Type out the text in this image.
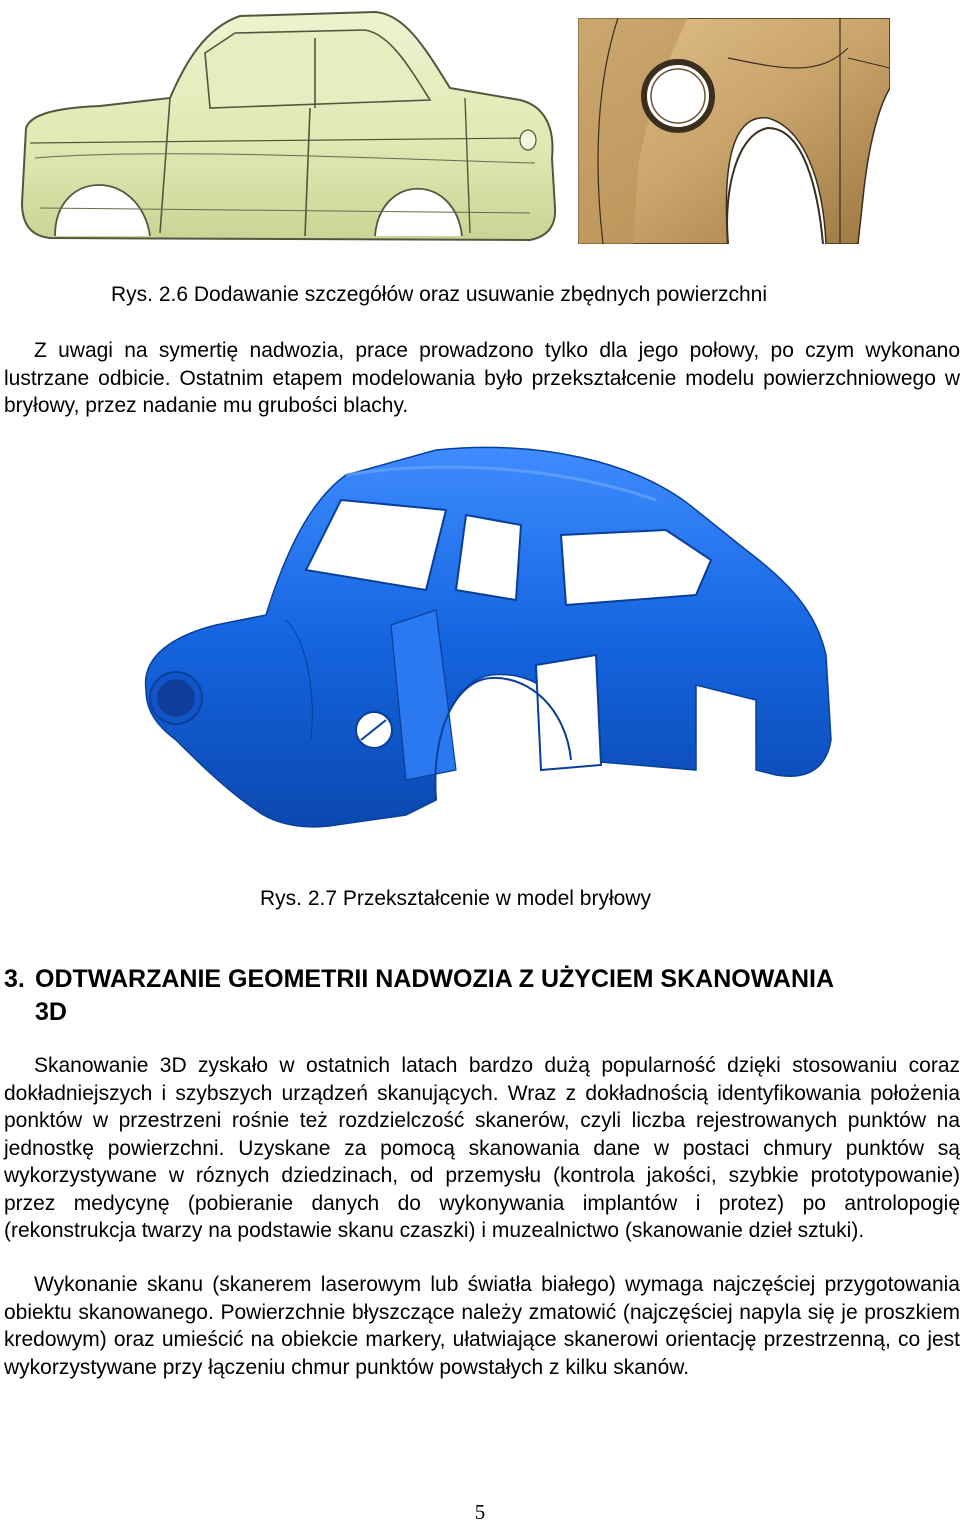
Rys. 2.6 Dodawanie szczegółów oraz usuwanie zbędnych powierzchni

Z uwagi na symertię nadwozia, prace prowadzono tylko dla jego połowy, po czym wykonano lustrzane odbicie. Ostatnim etapem modelowania było przekształcenie modelu powierzchniowego w bryłowy, przez nadanie mu grubości blachy.

Rys. 2.7 Przekształcenie w model bryłowy
3. ODTWARZANIE GEOMETRII NADWOZIA Z UŻYCIEM SKANOWANIA
3D

Skanowanie 3D zyskało w ostatnich latach bardzo dużą popularność dzięki stosowaniu coraz dokładniejszych i szybszych urządzeń skanujących. Wraz z dokładnością identyfikowania położenia ponktów w przestrzeni rośnie też rozdzielczość skanerów, czyli liczba rejestrowanych punktów na jednostkę powierzchni. Uzyskane za pomocą skanowania dane w postaci chmury punktów są wykorzystywane w róznych dziedzinach, od przemysłu (kontrola jakości, szybkie prototypowanie) przez medycynę (pobieranie danych do wykonywania implantów i protez) po antrolopogię (rekonstrukcja twarzy na podstawie skanu czaszki) i muzealnictwo (skanowanie dzieł sztuki).

Wykonanie skanu (skanerem laserowym lub światła białego) wymaga najczęściej przygotowania obiektu skanowanego. Powierzchnie błyszczące należy zmatowić (najczęściej napyla się je proszkiem kredowym) oraz umieścić na obiekcie markery, ułatwiające skanerowi orientację przestrzenną, co jest wykorzystywane przy łączeniu chmur punktów powstałych z kilku skanów.

5
